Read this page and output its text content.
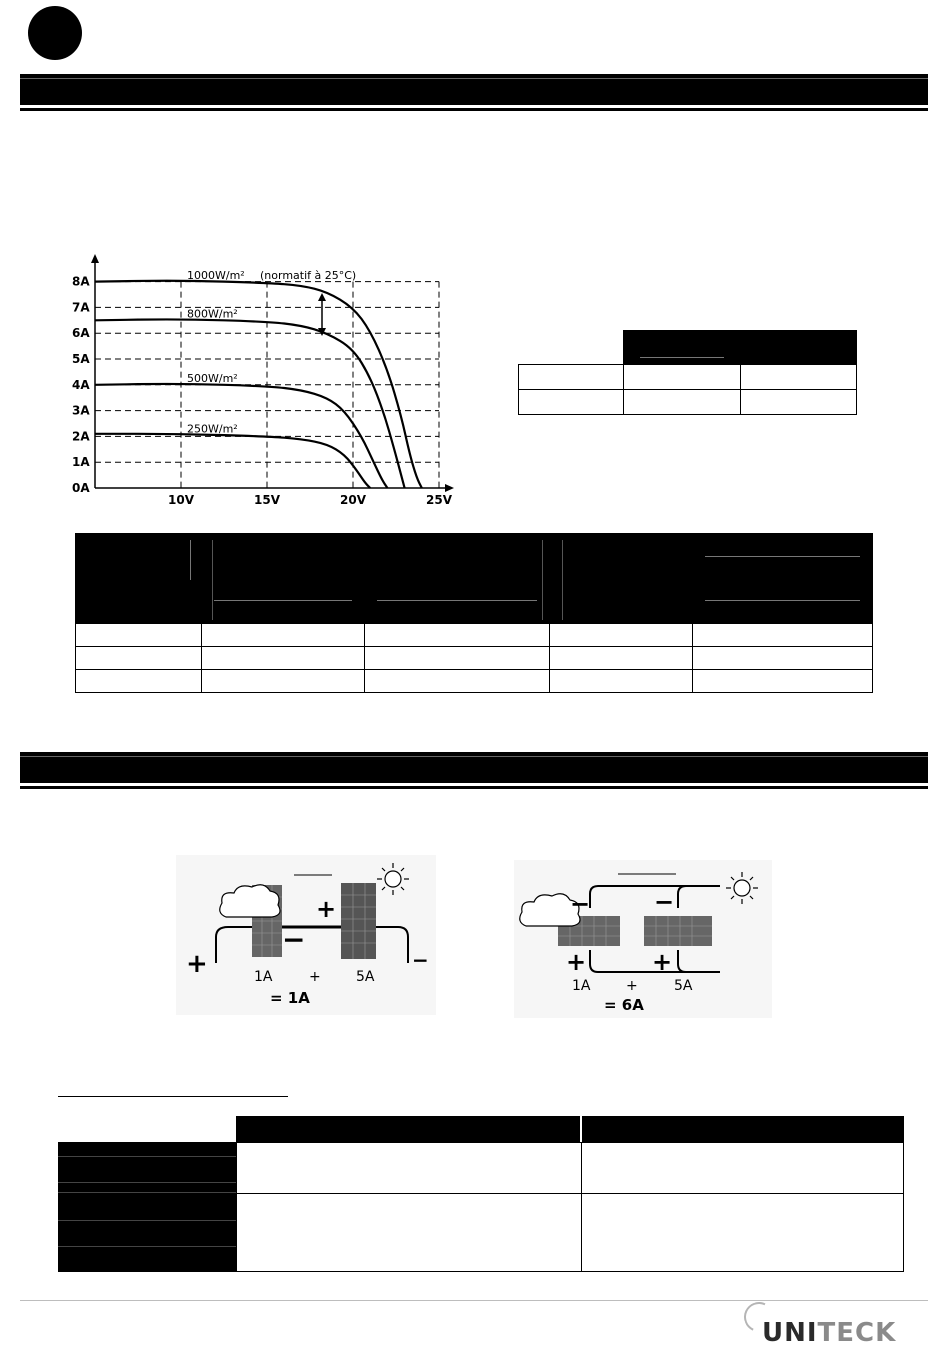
0A
1A
2A
3A
4A
5A
6A
7A
8A
10V	15V	20V	25V
1000W/m²
800W/m²
500W/m²
250W/m²
(normatif à 25°C)

+
−
+
−
1A	+	5A
= 1A
−	−
+	+
1A	+	5A
= 6A
UNITECK
